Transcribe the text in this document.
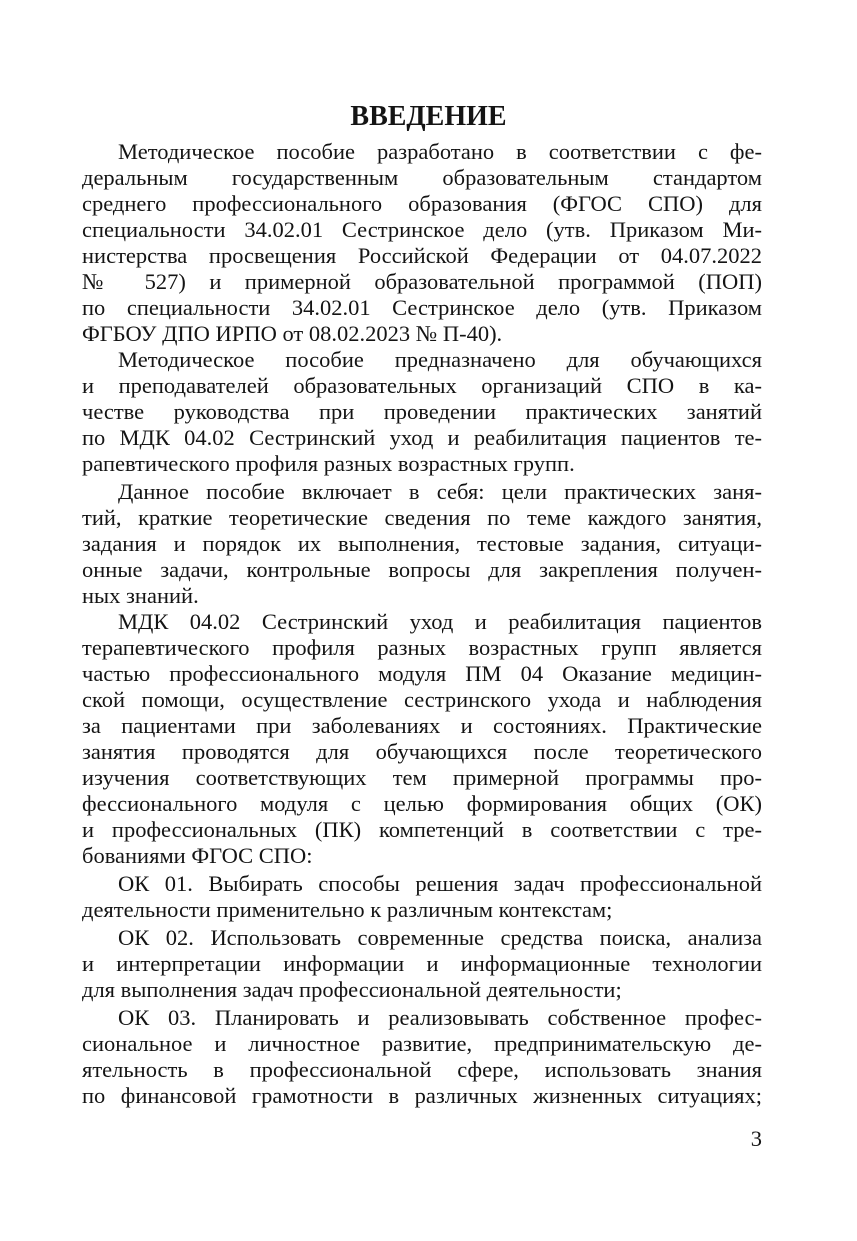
ВВЕДЕНИЕ
Методическое пособие разработано в соответствии с фе-
деральным государственным образовательным стандартом
среднего профессионального образования (ФГОС СПО) для
специальности 34.02.01 Сестринское дело (утв. Приказом Ми-
нистерства просвещения Российской Федерации от 04.07.2022
№ 527) и примерной образовательной программой (ПОП)
по специальности 34.02.01 Сестринское дело (утв. Приказом
ФГБОУ ДПО ИРПО от 08.02.2023 № П-40).
Методическое пособие предназначено для обучающихся
и преподавателей образовательных организаций СПО в ка-
честве руководства при проведении практических занятий
по МДК 04.02 Сестринский уход и реабилитация пациентов те-
рапевтического профиля разных возрастных групп.
Данное пособие включает в себя: цели практических заня-
тий, краткие теоретические сведения по теме каждого занятия,
задания и порядок их выполнения, тестовые задания, ситуаци-
онные задачи, контрольные вопросы для закрепления получен-
ных знаний.
МДК 04.02 Сестринский уход и реабилитация пациентов
терапевтического профиля разных возрастных групп является
частью профессионального модуля ПМ 04 Оказание медицин-
ской помощи, осуществление сестринского ухода и наблюдения
за пациентами при заболеваниях и состояниях. Практические
занятия проводятся для обучающихся после теоретического
изучения соответствующих тем примерной программы про-
фессионального модуля с целью формирования общих (ОК)
и профессиональных (ПК) компетенций в соответствии с тре-
бованиями ФГОС СПО:
ОК 01. Выбирать способы решения задач профессиональной
деятельности применительно к различным контекстам;
ОК 02. Использовать современные средства поиска, анализа
и интерпретации информации и информационные технологии
для выполнения задач профессиональной деятельности;
ОК 03. Планировать и реализовывать собственное профес-
сиональное и личностное развитие, предпринимательскую де-
ятельность в профессиональной сфере, использовать знания
по финансовой грамотности в различных жизненных ситуациях;
3
